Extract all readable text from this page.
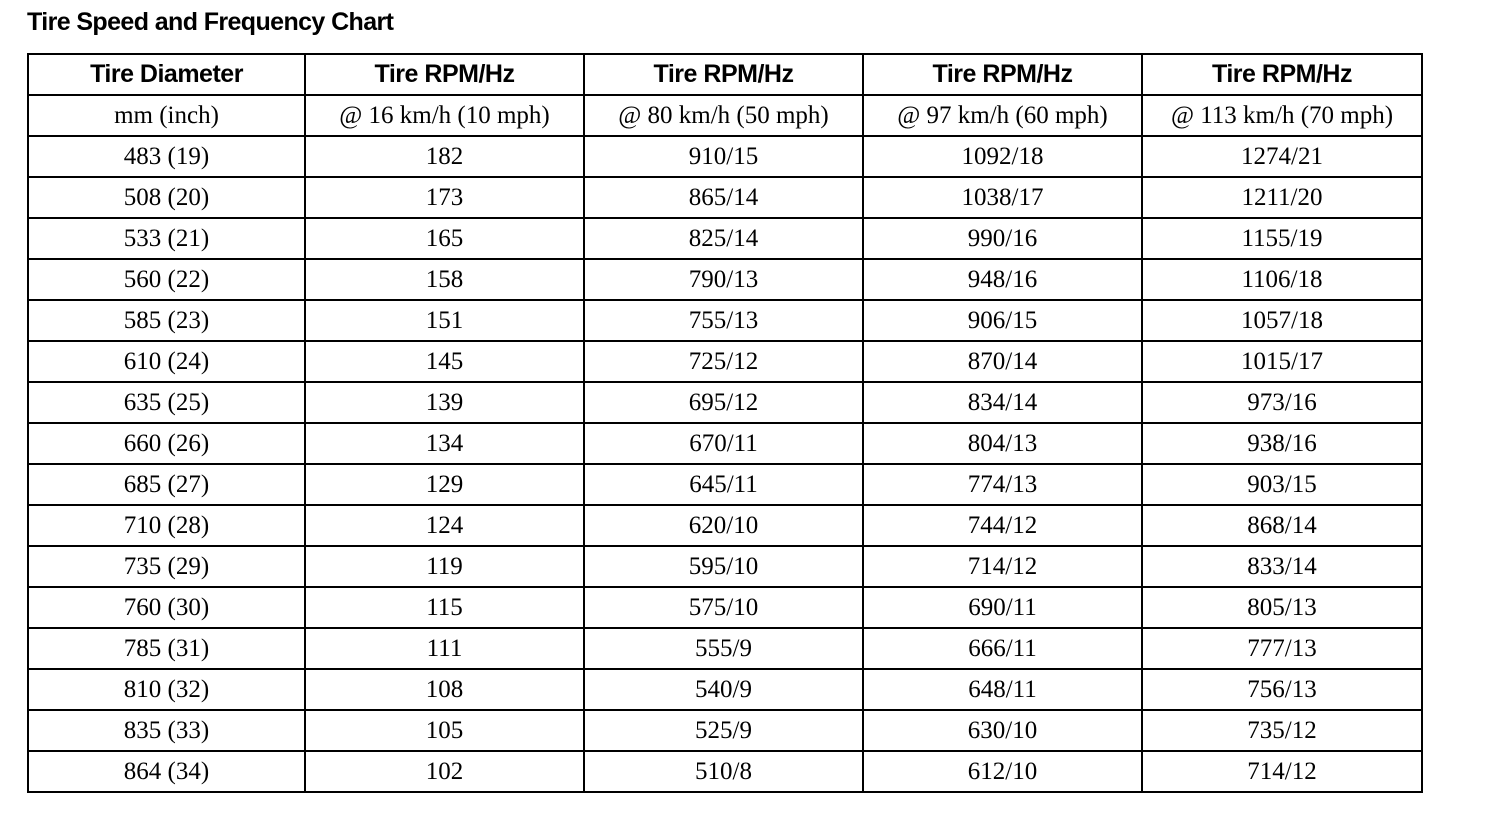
Tire Speed and Frequency Chart
Tire Diameter	Tire RPM/Hz	Tire RPM/Hz	Tire RPM/Hz	Tire RPM/Hz
mm (inch)	@ 16 km/h (10 mph)	@ 80 km/h (50 mph)	@ 97 km/h (60 mph)	@ 113 km/h (70 mph)
483 (19)	182	910/15	1092/18	1274/21
508 (20)	173	865/14	1038/17	1211/20
533 (21)	165	825/14	990/16	1155/19
560 (22)	158	790/13	948/16	1106/18
585 (23)	151	755/13	906/15	1057/18
610 (24)	145	725/12	870/14	1015/17
635 (25)	139	695/12	834/14	973/16
660 (26)	134	670/11	804/13	938/16
685 (27)	129	645/11	774/13	903/15
710 (28)	124	620/10	744/12	868/14
735 (29)	119	595/10	714/12	833/14
760 (30)	115	575/10	690/11	805/13
785 (31)	111	555/9	666/11	777/13
810 (32)	108	540/9	648/11	756/13
835 (33)	105	525/9	630/10	735/12
864 (34)	102	510/8	612/10	714/12
